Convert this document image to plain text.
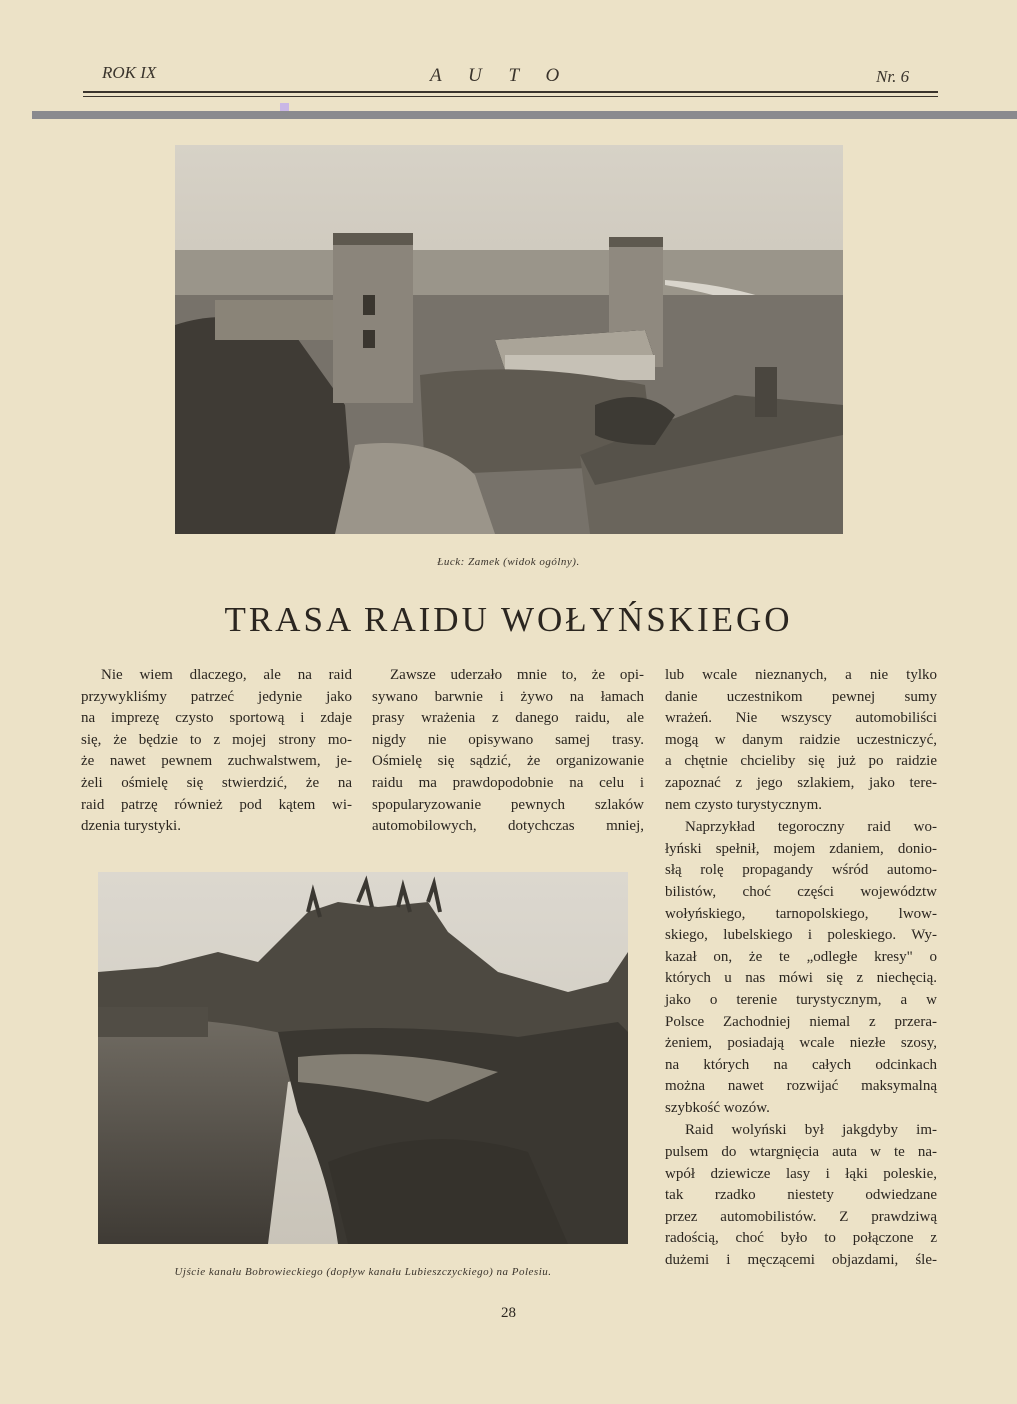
ROK IX	A U T O	Nr. 6
Łuck: Zamek (widok ogólny).
TRASA RAIDU WOŁYŃSKIEGO

Nie wiem dlaczego, ale na raid

przywykliśmy patrzeć jedynie jako

na imprezę czysto sportową i zdaje

się, że będzie to z mojej strony mo-

że nawet pewnem zuchwalstwem, je-

żeli ośmielę się stwierdzić, że na

raid patrzę również pod kątem wi-

dzenia turystyki.

Zawsze uderzało mnie to, że opi-

sywano barwnie i żywo na łamach

prasy wrażenia z danego raidu, ale

nigdy nie opisywano samej trasy.

Ośmielę się sądzić, że organizowanie

raidu ma prawdopodobnie na celu i

spopularyzowanie pewnych szlaków

automobilowych, dotychczas mniej,

lub wcale nieznanych, a nie tylko

danie uczestnikom pewnej sumy

wrażeń. Nie wszyscy automobiliści

mogą w danym raidzie uczestniczyć,

a chętnie chcieliby się już po raidzie

zapoznać z jego szlakiem, jako tere-

nem czysto turystycznym.

Naprzykład tegoroczny raid wo-

łyński spełnił, mojem zdaniem, donio-

słą rolę propagandy wśród automo-

bilistów, choć części województw

wołyńskiego, tarnopolskiego, lwow-

skiego, lubelskiego i poleskiego. Wy-

kazał on, że te „odległe kresy" o

których u nas mówi się z niechęcią.

jako o terenie turystycznym, a w

Polsce Zachodniej niemal z przera-

żeniem, posiadają wcale niezłe szosy,

na których na całych odcinkach

można nawet rozwijać maksymalną

szybkość wozów.

Raid wolyński był jakgdyby im-

pulsem do wtargnięcia auta w te na-

wpół dziewicze lasy i łąki poleskie,

tak rzadko niestety odwiedzane

przez automobilistów. Z prawdziwą

radością, choć było to połączone z

dużemi i męczącemi objazdami, śle-

Ujście kanału Bobrowieckiego (dopływ kanału Lubieszczyckiego) na Polesiu.
28
